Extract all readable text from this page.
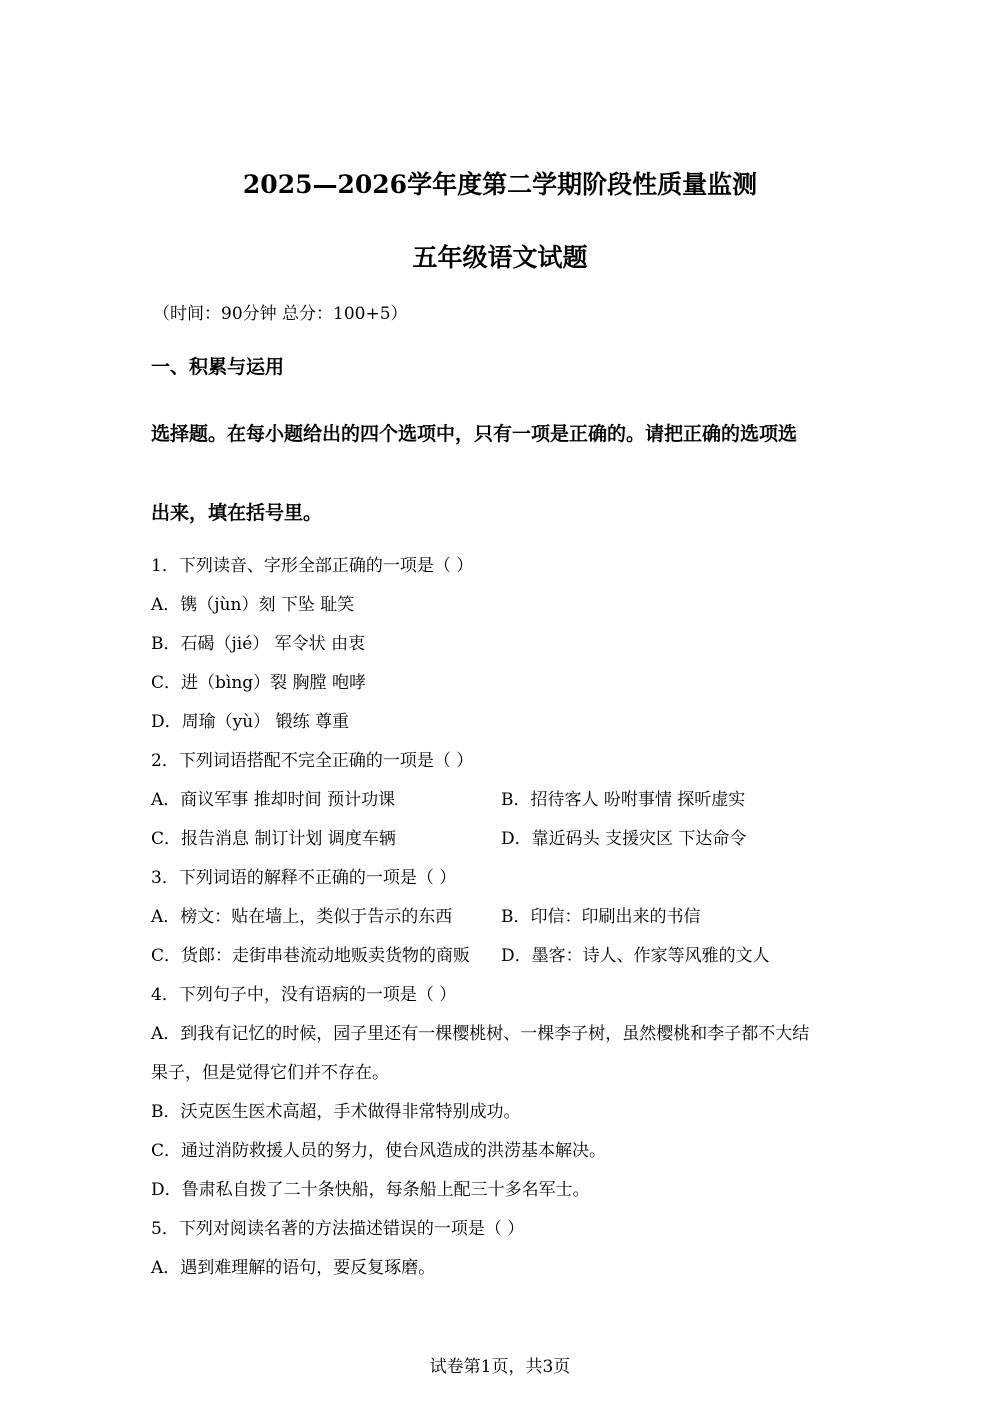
2025—2026学年度第二学期阶段性质量监测
五年级语文试题
（时间：90分钟 总分：100+5）
一、积累与运用
选择题。在每小题给出的四个选项中，只有一项是正确的。请把正确的选项选
出来，填在括号里。
1．下列读音、字形全部正确的一项是（ ）
A．镌（jùn）刻 下坠 耻笑
B．石碣（jié） 军令状 由衷
C．进（bìng）裂 胸膛 咆哮
D．周瑜（yù） 锻练 尊重
2．下列词语搭配不完全正确的一项是（ ）
A．商议军事 推却时间 预计功课	B．招待客人 吩咐事情 探听虚实
C．报告消息 制订计划 调度车辆	D．靠近码头 支援灾区 下达命令
3．下列词语的解释不正确的一项是（ ）
A．榜文：贴在墙上，类似于告示的东西	B．印信：印刷出来的书信
C．货郎：走街串巷流动地贩卖货物的商贩 D．墨客：诗人、作家等风雅的文人
4．下列句子中，没有语病的一项是（ ）
A．到我有记忆的时候，园子里还有一棵樱桃树、一棵李子树，虽然樱桃和李子都不大结
果子，但是觉得它们并不存在。
B．沃克医生医术高超，手术做得非常特别成功。
C．通过消防救援人员的努力，使台风造成的洪涝基本解决。
D．鲁肃私自拨了二十条快船，每条船上配三十多名军士。
5．下列对阅读名著的方法描述错误的一项是（ ）
A．遇到难理解的语句，要反复琢磨。
试卷第1页，共3页
